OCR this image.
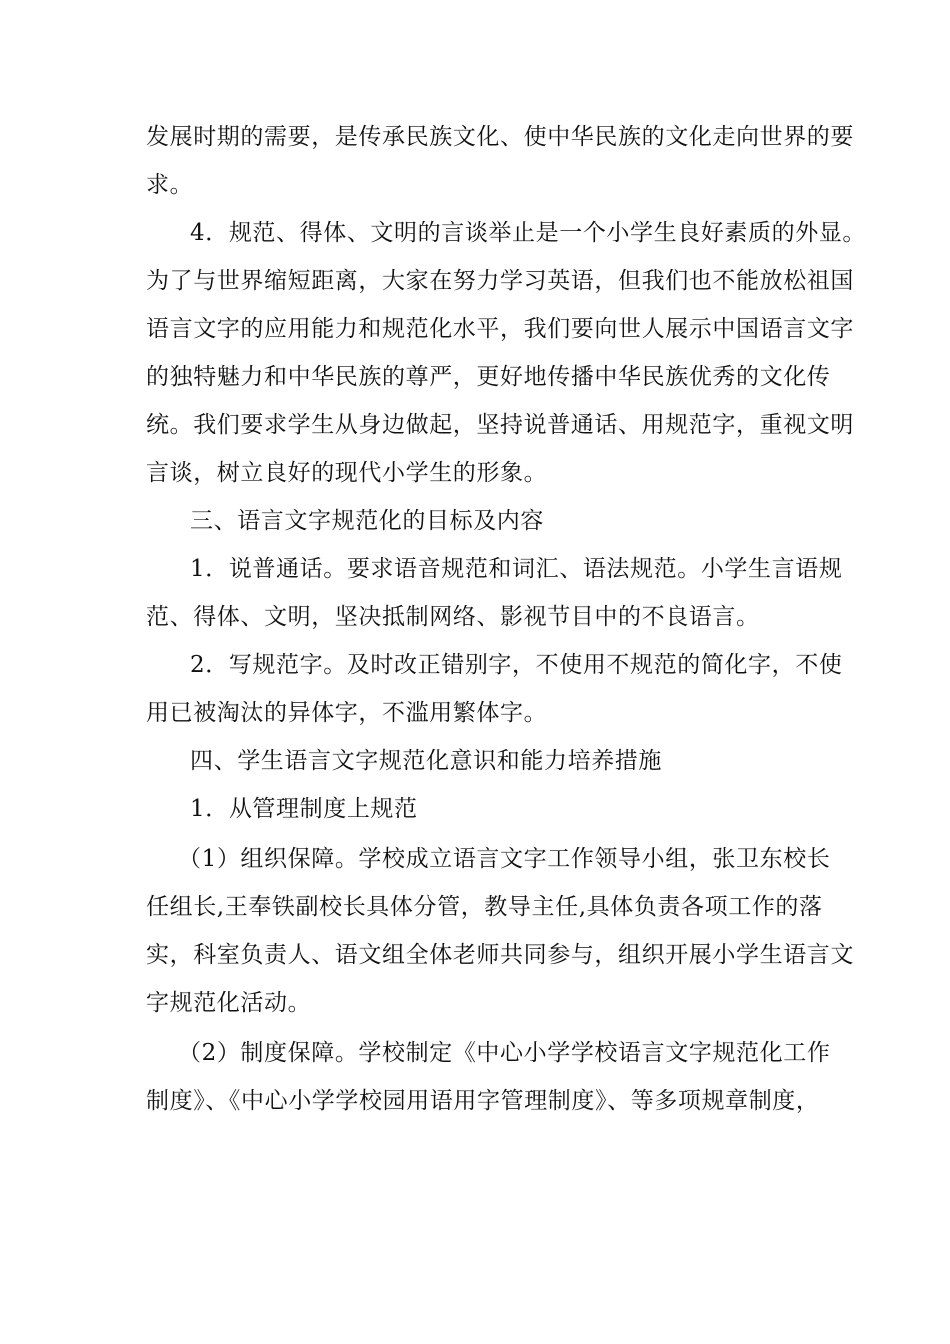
发展时期的需要，是传承民族文化、使中华民族的文化走向世界的要
求。
4．规范、得体、文明的言谈举止是一个小学生良好素质的外显。
为了与世界缩短距离，大家在努力学习英语，但我们也不能放松祖国
语言文字的应用能力和规范化水平，我们要向世人展示中国语言文字
的独特魅力和中华民族的尊严，更好地传播中华民族优秀的文化传
统。我们要求学生从身边做起，坚持说普通话、用规范字，重视文明
言谈，树立良好的现代小学生的形象。
三、语言文字规范化的目标及内容
1．说普通话。要求语音规范和词汇、语法规范。小学生言语规
范、得体、文明，坚决抵制网络、影视节目中的不良语言。
2．写规范字。及时改正错别字，不使用不规范的简化字，不使
用已被淘汰的异体字，不滥用繁体字。
四、学生语言文字规范化意识和能力培养措施
1．从管理制度上规范
（1）组织保障。学校成立语言文字工作领导小组，张卫东校长
任组长,王奉铁副校长具体分管，教导主任,具体负责各项工作的落
实，科室负责人、语文组全体老师共同参与，组织开展小学生语言文
字规范化活动。
（2）制度保障。学校制定《中心小学学校语言文字规范化工作
制度》、《中心小学学校园用语用字管理制度》、等多项规章制度，
